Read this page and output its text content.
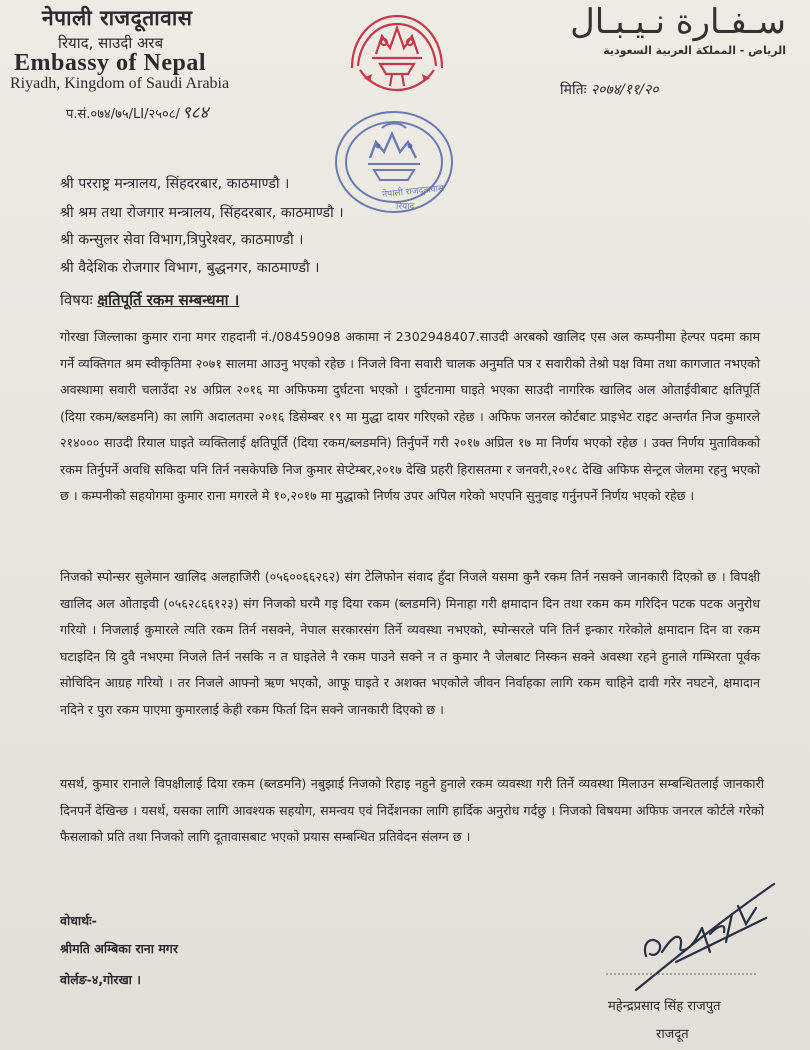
नेपाली राजदूतावास
रियाद, साउदी अरब
Embassy of Nepal
Riyadh, Kingdom of Saudi Arabia
प.सं.०७४/७५/LI/२५०८/ ९८४
سـفـارة نـيـبـال
الرياض - المملكة العربية السعودية
मितिः २०७४/११/२०
नेपाली राजदूतावास
रियाद
श्री परराष्ट्र मन्त्रालय, सिंहदरबार, काठमाण्डौ ।
श्री श्रम तथा रोजगार मन्त्रालय, सिंहदरबार, काठमाण्डौ ।
श्री कन्सुलर सेवा विभाग,त्रिपुरेश्वर, काठमाण्डौ ।
श्री वैदेशिक रोजगार विभाग, बुद्धनगर, काठमाण्डौ ।
विषयः क्षतिपूर्ति रकम सम्बन्धमा ।
गोरखा जिल्लाका कुमार राना मगर राहदानी नं./08459098 अकामा नं 2302948407.साउदी अरबको खालिद एस अल कम्पनीमा हेल्पर पदमा काम गर्ने व्यक्तिगत श्रम स्वीकृतिमा २०७१ सालमा आउनु भएको रहेछ । निजले विना सवारी चालक अनुमति पत्र र सवारीको तेश्रो पक्ष विमा तथा कागजात नभएको अवस्थामा सवारी चलाउँदा २४ अप्रिल २०१६ मा अफिफमा दुर्घटना भएको । दुर्घटनामा घाइते भएका साउदी नागरिक खालिद अल ओताईवीबाट क्षतिपूर्ति (दिया रकम/ब्लडमनि) का लागि अदालतमा २०१६ डिसेम्बर १९ मा मुद्धा दायर गरिएको रहेछ । अफिफ जनरल कोर्टबाट प्राइभेट राइट अन्तर्गत निज कुमारले २१४००० साउदी रियाल घाइते व्यक्तिलाई क्षतिपूर्ति (दिया रकम/ब्लडमनि) तिर्नुपर्ने गरी २०१७ अप्रिल १७ मा निर्णय भएको रहेछ । उक्त निर्णय मुताविकको रकम तिर्नुपर्ने अवधि सकिदा पनि तिर्न नसकेपछि निज कुमार सेप्टेम्बर,२०१७ देखि प्रहरी हिरासतमा र जनवरी,२०१८ देखि अफिफ सेन्ट्रल जेलमा रहनु भएको छ । कम्पनीको सहयोगमा कुमार राना मगरले मे १०,२०१७ मा मुद्धाको निर्णय उपर अपिल गरेको भएपनि सुनुवाइ गर्नुनपर्ने निर्णय भएको रहेछ ।
निजको स्पोन्सर सुलेमान खालिद अलहाजिरी (०५६००६६२६२) संग टेलिफोन संवाद हुँदा निजले यसमा कुनै रकम तिर्न नसक्ने जानकारी दिएको छ । विपक्षी खालिद अल ओताइवी (०५६२८६६१२३) संग निजको घरमै गइ दिया रकम (ब्लडमनि) मिनाहा गरी क्षमादान दिन तथा रकम कम गरिदिन पटक पटक अनुरोध गरियो । निजलाई कुमारले त्यति रकम तिर्न नसक्ने, नेपाल सरकारसंग तिर्ने व्यवस्था नभएको, स्पोन्सरले पनि तिर्न इन्कार गरेकोले क्षमादान दिन वा रकम घटाइदिन यि दुवै नभएमा निजले तिर्न नसकि न त घाइतेले नै रकम पाउने सक्ने न त कुमार नै जेलबाट निस्कन सक्ने अवस्था रहने हुनाले गम्भिरता पूर्वक सोचिदिन आग्रह गरियो । तर निजले आफ्नो ऋण भएको, आफू घाइते र अशक्त भएकोले जीवन निर्वाहका लागि रकम चाहिने दावी गरेर नघटने, क्षमादान नदिने र पुरा रकम पाएमा कुमारलाई केही रकम फिर्ता दिन सक्ने जानकारी दिएको छ ।
यसर्थ, कुमार रानाले विपक्षीलाई दिया रकम (ब्लडमनि) नबुझाई निजको रिहाइ नहुने हुनाले रकम व्यवस्था गरी तिर्ने व्यवस्था मिलाउन सम्बन्धितलाई जानकारी दिनपर्ने देखिन्छ । यसर्थ, यसका लागि आवश्यक सहयोग, समन्वय एवं निर्देशनका लागि हार्दिक अनुरोध गर्दछु । निजको विषयमा अफिफ जनरल कोर्टले गरेको फैसलाको प्रति तथा निजको लागि दूतावासबाट भएको प्रयास सम्बन्धित प्रतिवेदन संलग्न छ ।
वोधार्थः-
श्रीमति अम्बिका राना मगर
वोर्लङ-४,गोरखा ।
महेन्द्रप्रसाद सिंह राजपुत
राजदूत
